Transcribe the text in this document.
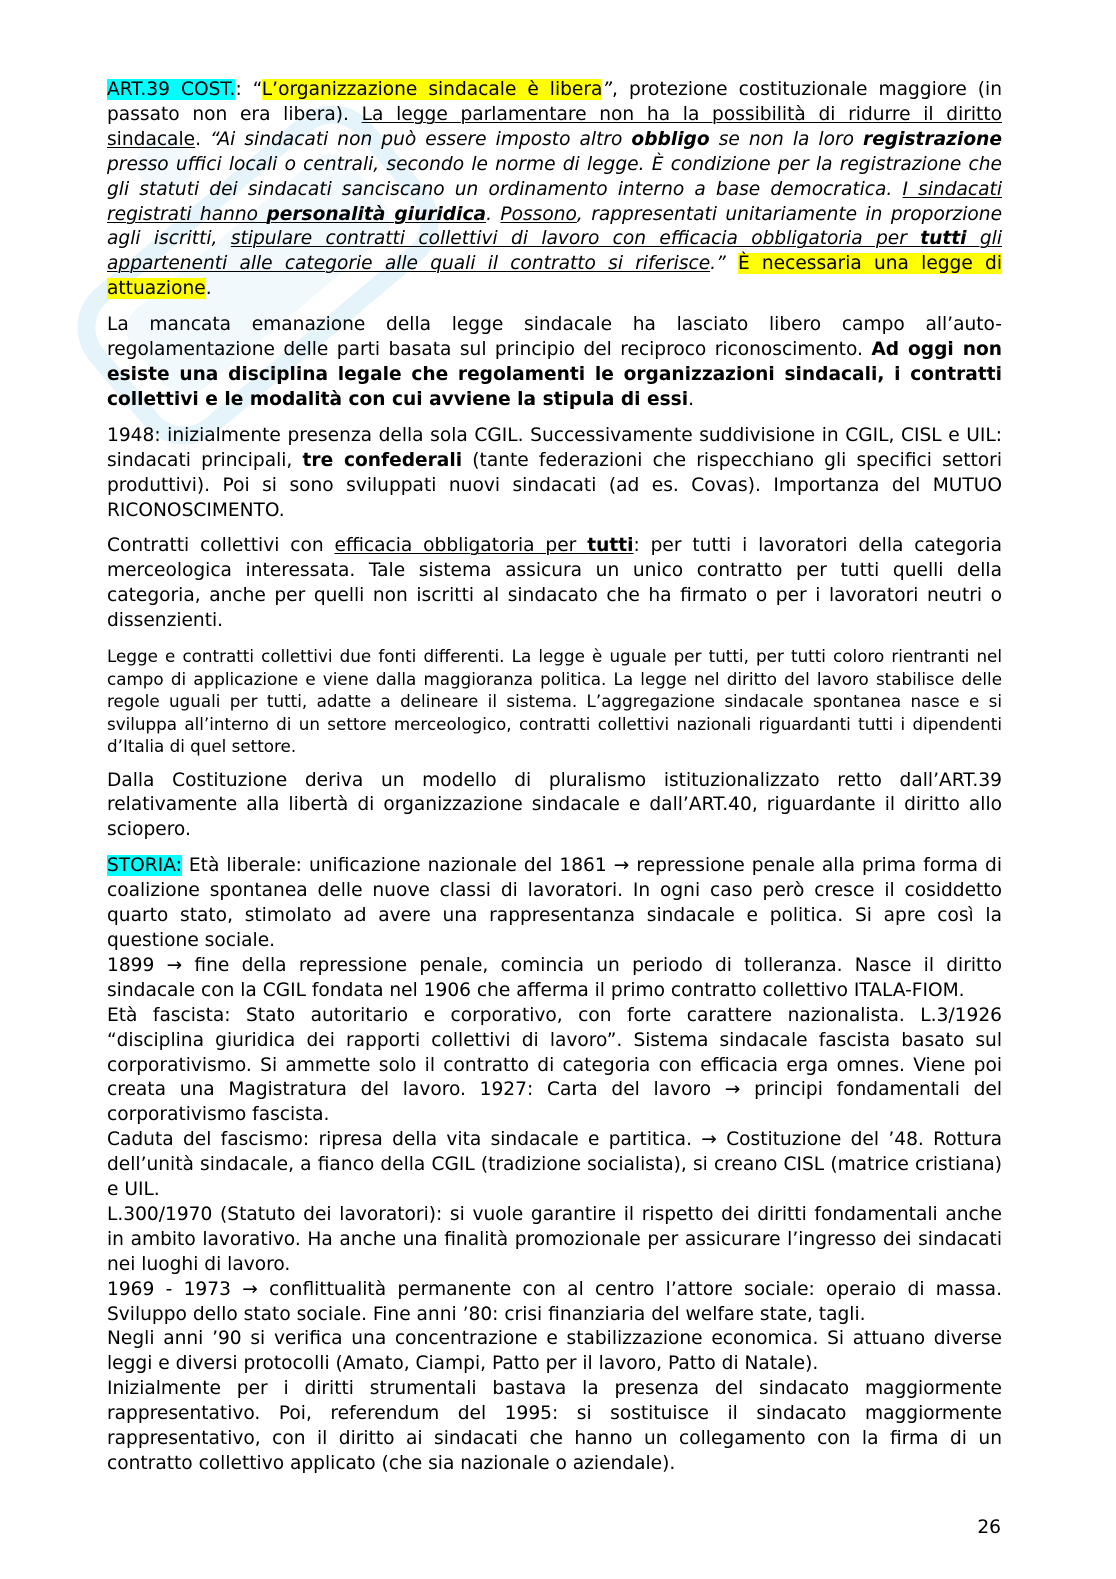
ART.39 COST.: “L’organizzazione sindacale è libera”, protezione costituzionale maggiore (in passato non era libera). La legge parlamentare non ha la possibilità di ridurre il diritto sindacale. “Ai sindacati non può essere imposto altro obbligo se non la loro registrazione presso uffici locali o centrali, secondo le norme di legge. È condizione per la registrazione che gli statuti dei sindacati sanciscano un ordinamento interno a base democratica. I sindacati registrati hanno personalità giuridica. Possono, rappresentati unitariamente in proporzione agli iscritti, stipulare contratti collettivi di lavoro con efficacia obbligatoria per tutti gli appartenenti alle categorie alle quali il contratto si riferisce.” È necessaria una legge di attuazione.

La mancata emanazione della legge sindacale ha lasciato libero campo all’auto-regolamentazione delle parti basata sul principio del reciproco riconoscimento. Ad oggi non esiste una disciplina legale che regolamenti le organizzazioni sindacali, i contratti collettivi e le modalità con cui avviene la stipula di essi.

1948: inizialmente presenza della sola CGIL. Successivamente suddivisione in CGIL, CISL e UIL: sindacati principali, tre confederali (tante federazioni che rispecchiano gli specifici settori produttivi). Poi si sono sviluppati nuovi sindacati (ad es. Covas). Importanza del MUTUO RICONOSCIMENTO.

Contratti collettivi con efficacia obbligatoria per tutti: per tutti i lavoratori della categoria merceologica interessata. Tale sistema assicura un unico contratto per tutti quelli della categoria, anche per quelli non iscritti al sindacato che ha firmato o per i lavoratori neutri o dissenzienti.

Legge e contratti collettivi due fonti differenti. La legge è uguale per tutti, per tutti coloro rientranti nel campo di applicazione e viene dalla maggioranza politica. La legge nel diritto del lavoro stabilisce delle regole uguali per tutti, adatte a delineare il sistema. L’aggregazione sindacale spontanea nasce e si sviluppa all’interno di un settore merceologico, contratti collettivi nazionali riguardanti tutti i dipendenti d’Italia di quel settore.

Dalla Costituzione deriva un modello di pluralismo istituzionalizzato retto dall’ART.39 relativamente alla libertà di organizzazione sindacale e dall’ART.40, riguardante il diritto allo sciopero.

STORIA: Età liberale: unificazione nazionale del 1861 → repressione penale alla prima forma di coalizione spontanea delle nuove classi di lavoratori. In ogni caso però cresce il cosiddetto quarto stato, stimolato ad avere una rappresentanza sindacale e politica. Si apre così la questione sociale.

1899 → fine della repressione penale, comincia un periodo di tolleranza. Nasce il diritto sindacale con la CGIL fondata nel 1906 che afferma il primo contratto collettivo ITALA-FIOM.

Età fascista: Stato autoritario e corporativo, con forte carattere nazionalista. L.3/1926 “disciplina giuridica dei rapporti collettivi di lavoro”. Sistema sindacale fascista basato sul corporativismo. Si ammette solo il contratto di categoria con efficacia erga omnes. Viene poi creata una Magistratura del lavoro. 1927: Carta del lavoro → principi fondamentali del corporativismo fascista.

Caduta del fascismo: ripresa della vita sindacale e partitica. → Costituzione del ’48. Rottura dell’unità sindacale, a fianco della CGIL (tradizione socialista), si creano CISL (matrice cristiana) e UIL.

L.300/1970 (Statuto dei lavoratori): si vuole garantire il rispetto dei diritti fondamentali anche in ambito lavorativo. Ha anche una finalità promozionale per assicurare l’ingresso dei sindacati nei luoghi di lavoro.

1969 - 1973 → conflittualità permanente con al centro l’attore sociale: operaio di massa. Sviluppo dello stato sociale. Fine anni ’80: crisi finanziaria del welfare state, tagli.

Negli anni ’90 si verifica una concentrazione e stabilizzazione economica. Si attuano diverse leggi e diversi protocolli (Amato, Ciampi, Patto per il lavoro, Patto di Natale).

Inizialmente per i diritti strumentali bastava la presenza del sindacato maggiormente rappresentativo. Poi, referendum del 1995: si sostituisce il sindacato maggiormente rappresentativo, con il diritto ai sindacati che hanno un collegamento con la firma di un contratto collettivo applicato (che sia nazionale o aziendale).

26
